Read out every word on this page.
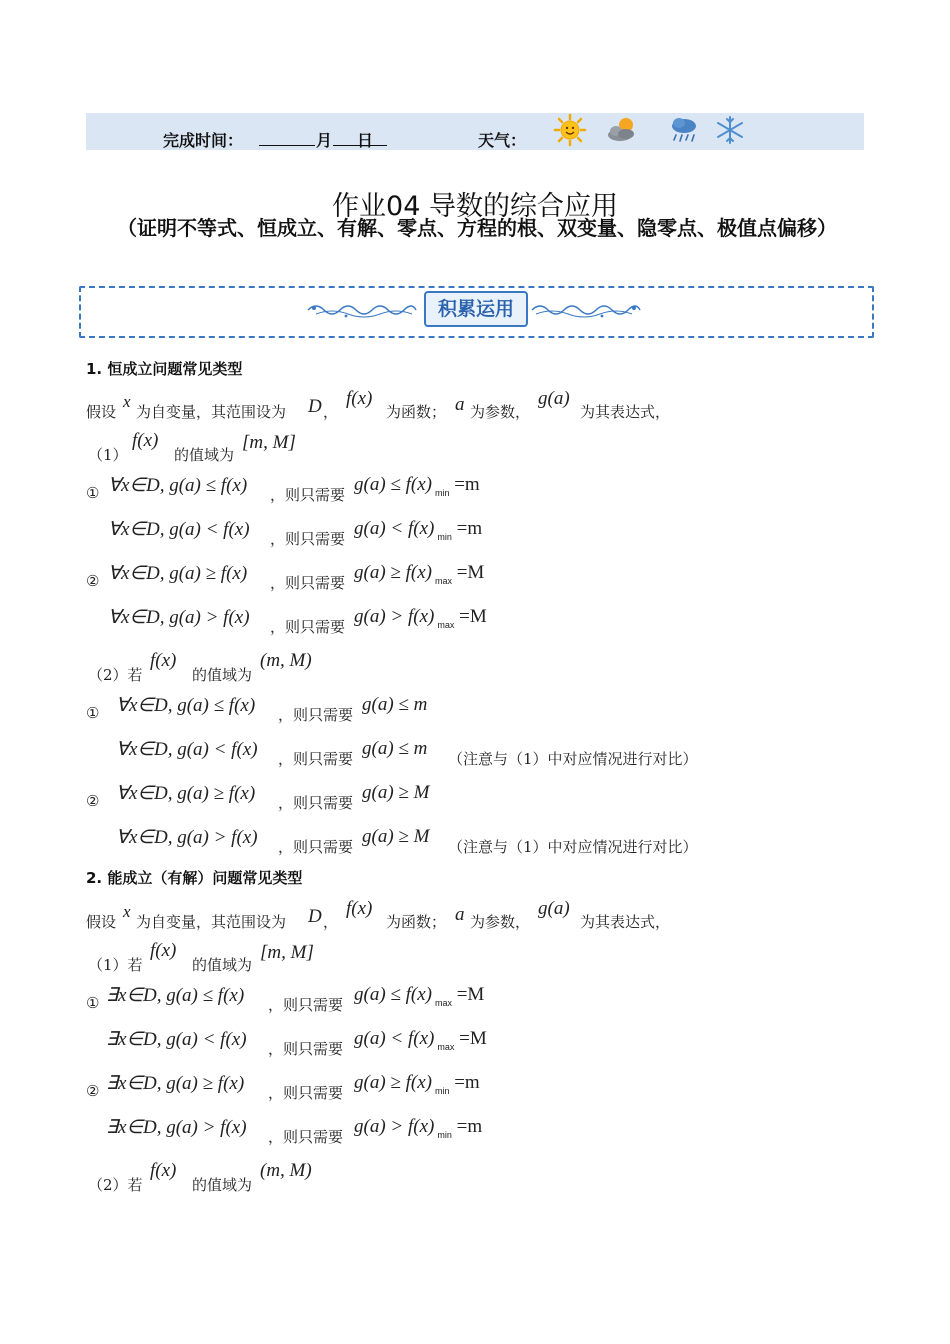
完成时间：	月 日	天气：
作业04 导数的综合应用
（证明不等式、恒成立、有解、零点、方程的根、双变量、隐零点、极值点偏移）
积累运用
1. 恒成立问题常见类型
假设
x
为自变量，其范围设为 D ，
f(x)
为函数； a 为参数，
g(a)
为其表达式，
（1）
f(x)
的值域为
[m, M]
① ∀x∈D, g(a) ≤ f(x) ，则只需要 g(a) ≤ f(x) $_{min}$ =m
∀x∈D, g(a) < f(x) ，则只需要 g(a) < f(x) $_{min}$ =m
② ∀x∈D, g(a) ≥ f(x) ，则只需要 g(a) ≥ f(x) $_{max}$ =M
∀x∈D, g(a) > f(x) ，则只需要 g(a) > f(x) $_{max}$ =M
（2）若
f(x)
的值域为
(m, M)
① ∀x∈D, g(a) ≤ f(x) ，则只需要 g(a) ≤ m
∀x∈D, g(a) < f(x) ，则只需要 g(a) ≤ m （注意与（1）中对应情况进行对比）
② ∀x∈D, g(a) ≥ f(x) ，则只需要 g(a) ≥ M
∀x∈D, g(a) > f(x) ，则只需要 g(a) ≥ M （注意与（1）中对应情况进行对比）
2. 能成立（有解）问题常见类型
假设
x
为自变量，其范围设为 D ，
f(x)
为函数； a 为参数，
g(a)
为其表达式，
（1）若
f(x)
的值域为
[m, M]
① ∃x∈D, g(a) ≤ f(x) ，则只需要 g(a) ≤ f(x) $_{max}$ =M
∃x∈D, g(a) < f(x) ，则只需要 g(a) < f(x) $_{max}$ =M
② ∃x∈D, g(a) ≥ f(x) ，则只需要 g(a) ≥ f(x) $_{min}$ =m
∃x∈D, g(a) > f(x) ，则只需要 g(a) > f(x) $_{min}$ =m
（2）若
f(x)
的值域为
(m, M)
